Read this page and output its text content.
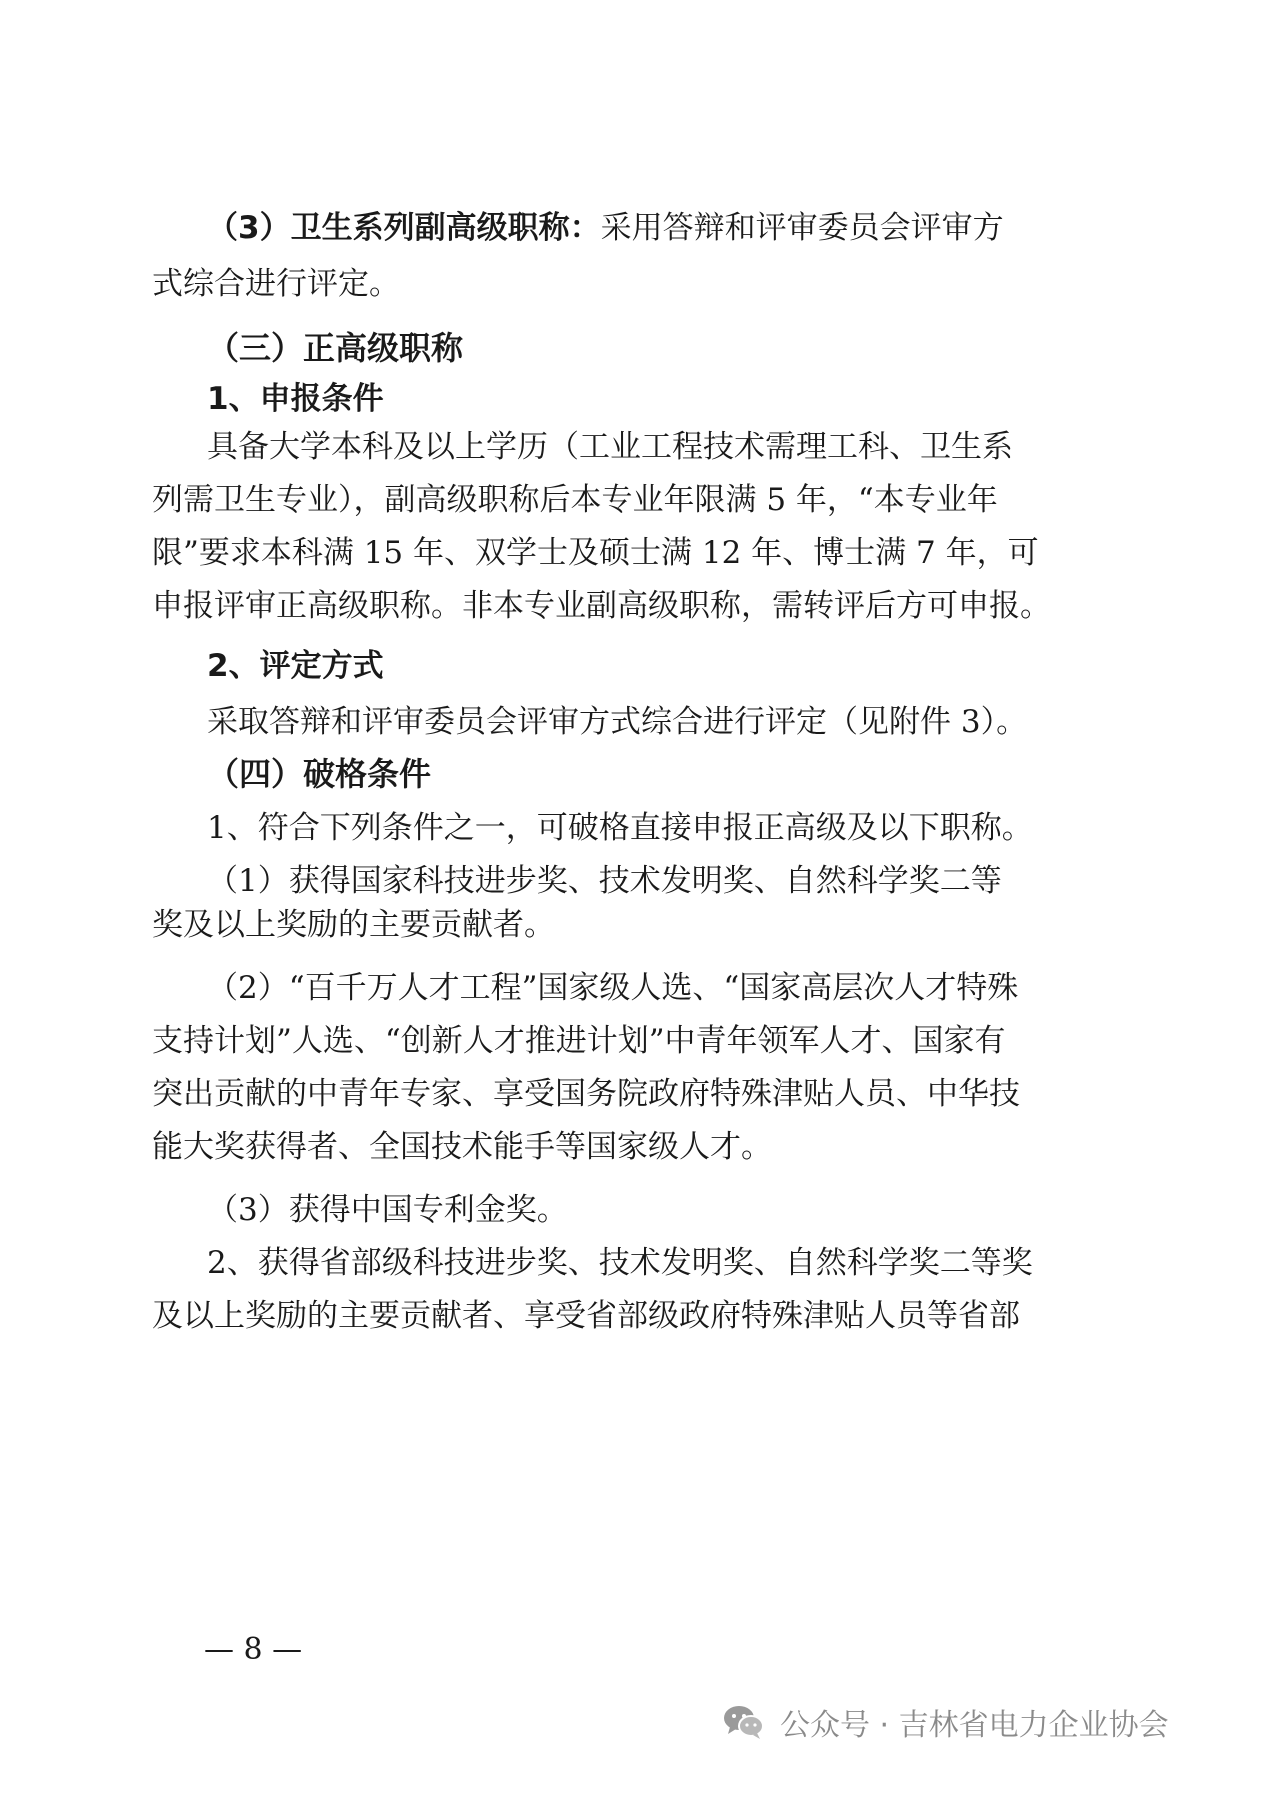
（3）卫生系列副高级职称：采用答辩和评审委员会评审方
式综合进行评定。
（三）正高级职称
1、申报条件
具备大学本科及以上学历（工业工程技术需理工科、卫生系
列需卫生专业），副高级职称后本专业年限满 5 年，“本专业年
限”要求本科满 15 年、双学士及硕士满 12 年、博士满 7 年，可
申报评审正高级职称。非本专业副高级职称，需转评后方可申报。
2、评定方式
采取答辩和评审委员会评审方式综合进行评定（见附件 3）。
（四）破格条件
1、符合下列条件之一，可破格直接申报正高级及以下职称。
（1）获得国家科技进步奖、技术发明奖、自然科学奖二等
奖及以上奖励的主要贡献者。
（2）“百千万人才工程”国家级人选、“国家高层次人才特殊
支持计划”人选、“创新人才推进计划”中青年领军人才、国家有
突出贡献的中青年专家、享受国务院政府特殊津贴人员、中华技
能大奖获得者、全国技术能手等国家级人才。
（3）获得中国专利金奖。
2、获得省部级科技进步奖、技术发明奖、自然科学奖二等奖
及以上奖励的主要贡献者、享受省部级政府特殊津贴人员等省部
— 8 —
公众号 · 吉林省电力企业协会
